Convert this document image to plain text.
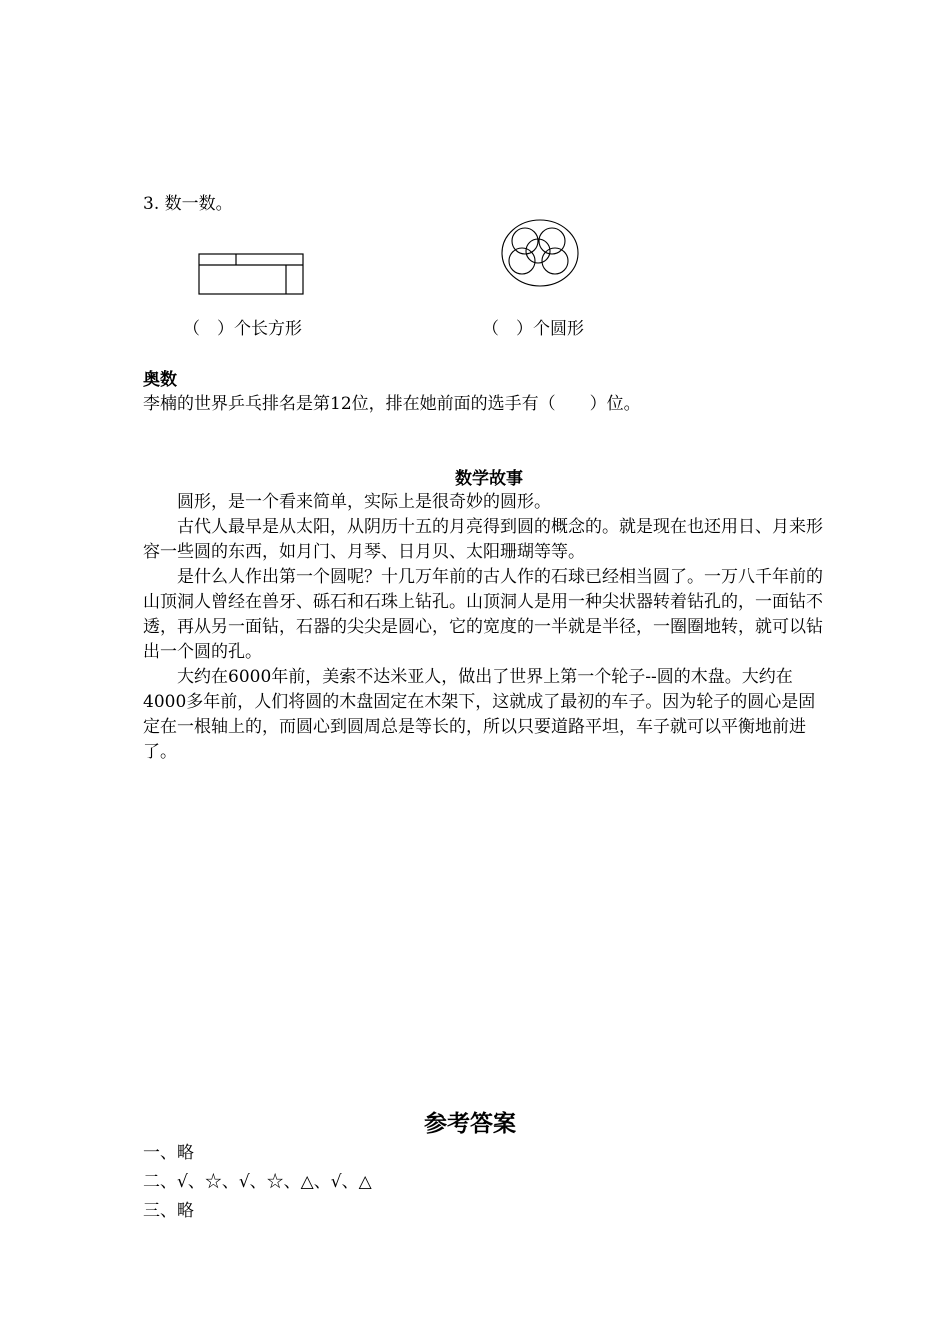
3. 数一数。
（　）个长方形	（　）个圆形
奥数
李楠的世界乒乓排名是第12位，排在她前面的选手有（　　）位。
数学故事

圆形，是一个看来简单，实际上是很奇妙的圆形。

古代人最早是从太阳，从阴历十五的月亮得到圆的概念的。就是现在也还用日、月来形容一些圆的东西，如月门、月琴、日月贝、太阳珊瑚等等。

是什么人作出第一个圆呢？十几万年前的古人作的石球已经相当圆了。一万八千年前的山顶洞人曾经在兽牙、砾石和石珠上钻孔。山顶洞人是用一种尖状器转着钻孔的，一面钻不透，再从另一面钻，石器的尖尖是圆心，它的宽度的一半就是半径，一圈圈地转，就可以钻出一个圆的孔。

大约在6000年前，美索不达米亚人，做出了世界上第一个轮子--圆的木盘。大约在4000多年前，人们将圆的木盘固定在木架下，这就成了最初的车子。因为轮子的圆心是固定在一根轴上的，而圆心到圆周总是等长的，所以只要道路平坦，车子就可以平衡地前进了。

参考答案
一、略
二、√、☆、√、☆、△、√、△
三、略
